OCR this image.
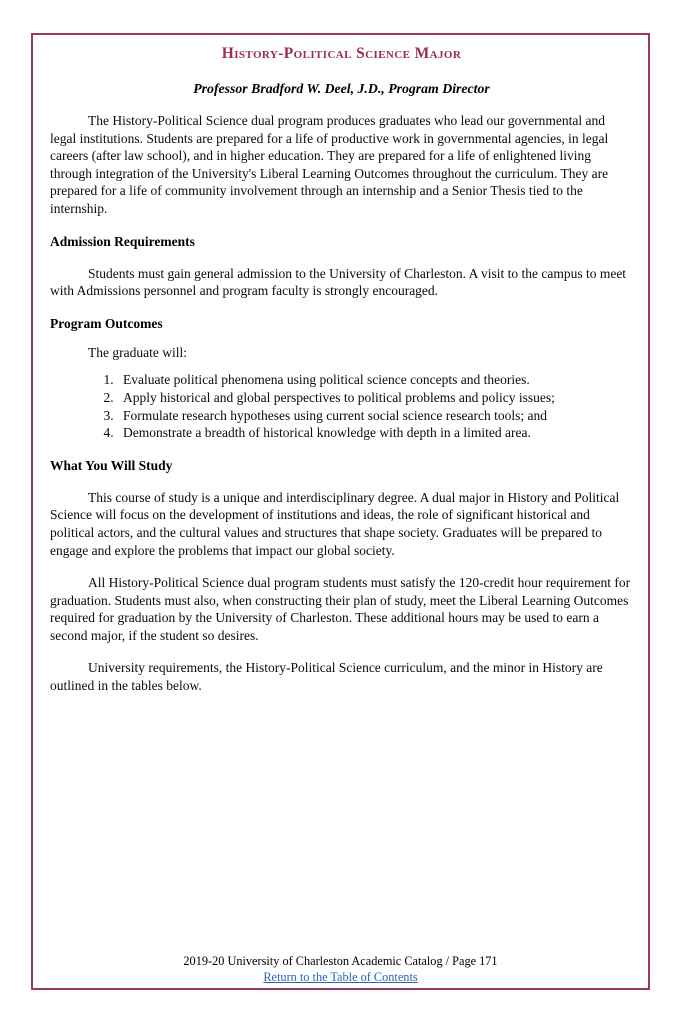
History-Political Science Major

Professor Bradford W. Deel, J.D., Program Director

The History-Political Science dual program produces graduates who lead our governmental and legal institutions. Students are prepared for a life of productive work in governmental agencies, in legal careers (after law school), and in higher education. They are prepared for a life of enlightened living through integration of the University's Liberal Learning Outcomes throughout the curriculum. They are prepared for a life of community involvement through an internship and a Senior Thesis tied to the internship.

Admission Requirements

Students must gain general admission to the University of Charleston. A visit to the campus to meet with Admissions personnel and program faculty is strongly encouraged.

Program Outcomes

The graduate will:

1. Evaluate political phenomena using political science concepts and theories.
2. Apply historical and global perspectives to political problems and policy issues;
3. Formulate research hypotheses using current social science research tools; and
4. Demonstrate a breadth of historical knowledge with depth in a limited area.
What You Will Study

This course of study is a unique and interdisciplinary degree. A dual major in History and Political Science will focus on the development of institutions and ideas, the role of significant historical and political actors, and the cultural values and structures that shape society. Graduates will be prepared to engage and explore the problems that impact our global society.

All History-Political Science dual program students must satisfy the 120-credit hour requirement for graduation. Students must also, when constructing their plan of study, meet the Liberal Learning Outcomes required for graduation by the University of Charleston. These additional hours may be used to earn a second major, if the student so desires.

University requirements, the History-Political Science curriculum, and the minor in History are outlined in the tables below.

2019-20 University of Charleston Academic Catalog / Page 171
Return to the Table of Contents
